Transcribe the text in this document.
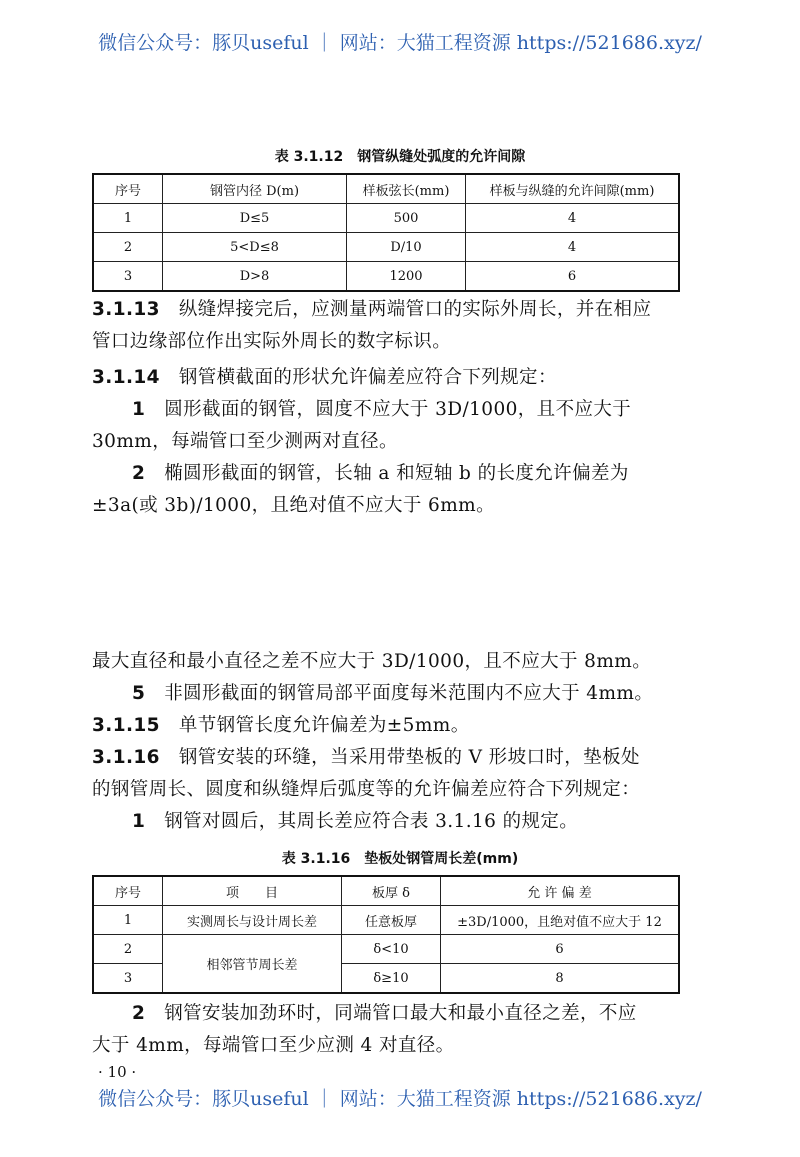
微信公众号：豚贝useful ｜ 网站：大猫工程资源 https://521686.xyz/
表 3.1.12　钢管纵缝处弧度的允许间隙
序号	钢管内径 D(m)	样板弦长(mm)	样板与纵缝的允许间隙(mm)
1	D≤5	500	4
2	5<D≤8	D/10	4
3	D>8	1200	6
3.1.13　 纵缝焊接完后，应测量两端管口的实际外周长，并在相应
管口边缘部位作出实际外周长的数字标识。
3.1.14　 钢管横截面的形状允许偏差应符合下列规定：
1　 圆形截面的钢管，圆度不应大于 3D/1000，且不应大于
30mm，每端管口至少测两对直径。
2　 椭圆形截面的钢管，长轴 a 和短轴 b 的长度允许偏差为
±3a(或 3b)/1000，且绝对值不应大于 6mm。
最大直径和最小直径之差不应大于 3D/1000，且不应大于 8mm。
5　 非圆形截面的钢管局部平面度每米范围内不应大于 4mm。
3.1.15　 单节钢管长度允许偏差为±5mm。
3.1.16　 钢管安装的环缝，当采用带垫板的 V 形坡口时，垫板处
的钢管周长、圆度和纵缝焊后弧度等的允许偏差应符合下列规定：
1　 钢管对圆后，其周长差应符合表 3.1.16 的规定。
表 3.1.16　垫板处钢管周长差(mm)
序号	项　　目	板厚 δ	允 许 偏 差
1	实测周长与设计周长差	任意板厚	±3D/1000，且绝对值不应大于 12
2	相邻管节周长差	δ<10	6
3		δ≥10	8
2　 钢管安装加劲环时，同端管口最大和最小直径之差，不应
大于 4mm，每端管口至少应测 4 对直径。
· 10 ·
微信公众号：豚贝useful ｜ 网站：大猫工程资源 https://521686.xyz/
